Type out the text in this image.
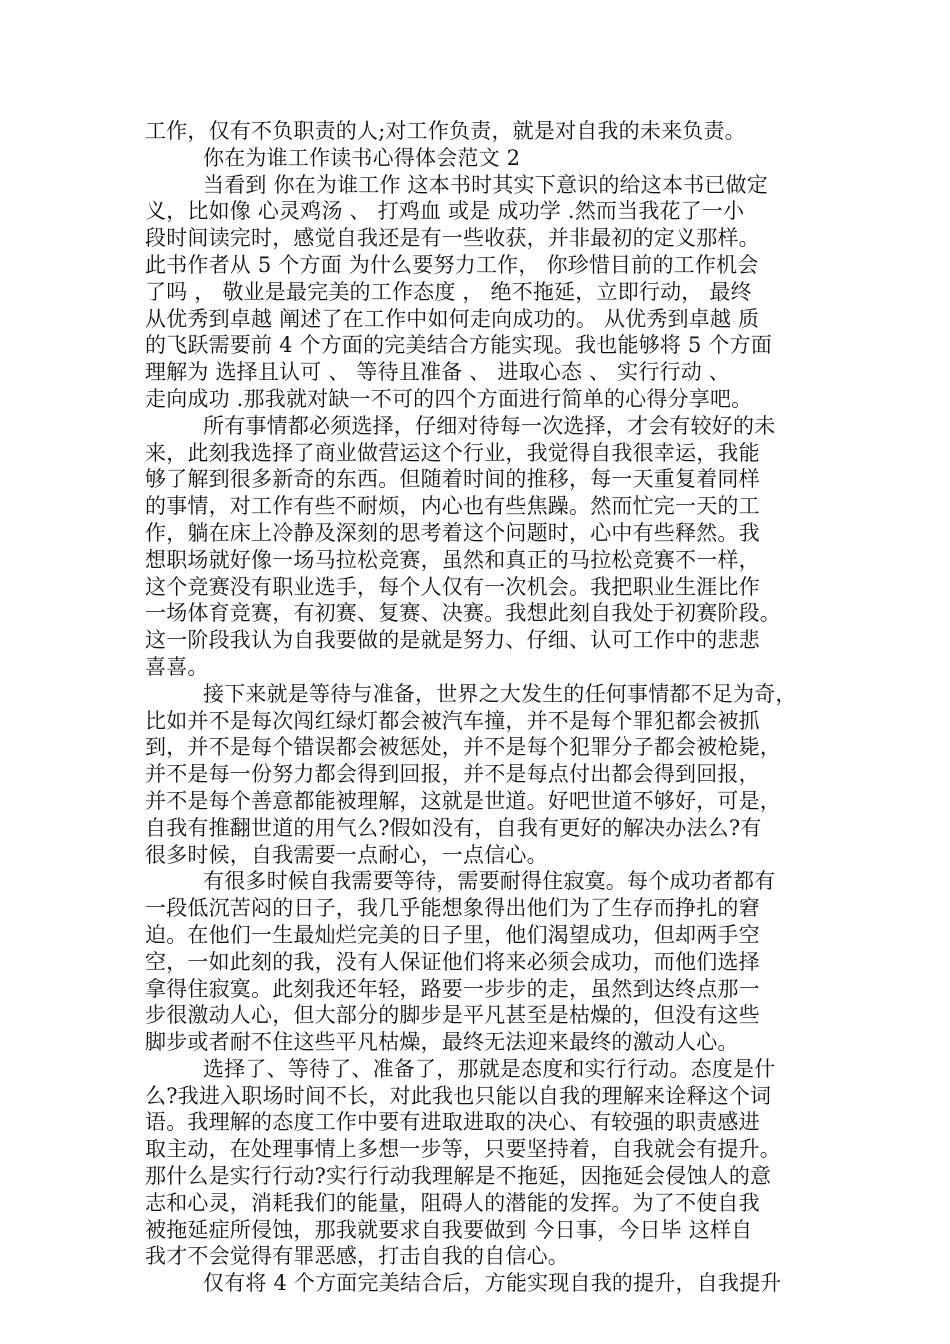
工作，仅有不负职责的人;对工作负责，就是对自我的未来负责。
你在为谁工作读书心得体会范文 2
当看到 你在为谁工作 这本书时其实下意识的给这本书已做定
义，比如像 心灵鸡汤 、 打鸡血 或是 成功学 .然而当我花了一小
段时间读完时，感觉自我还是有一些收获，并非最初的定义那样。
此书作者从 5 个方面 为什么要努力工作， 你珍惜目前的工作机会
了吗 ， 敬业是最完美的工作态度 ， 绝不拖延，立即行动， 最终
从优秀到卓越 阐述了在工作中如何走向成功的。 从优秀到卓越 质
的飞跃需要前 4 个方面的完美结合方能实现。我也能够将 5 个方面
理解为 选择且认可 、 等待且准备 、 进取心态 、 实行行动 、
走向成功 .那我就对缺一不可的四个方面进行简单的心得分享吧。
所有事情都必须选择，仔细对待每一次选择，才会有较好的未
来，此刻我选择了商业做营运这个行业，我觉得自我很幸运，我能
够了解到很多新奇的东西。但随着时间的推移，每一天重复着同样
的事情，对工作有些不耐烦，内心也有些焦躁。然而忙完一天的工
作，躺在床上冷静及深刻的思考着这个问题时，心中有些释然。我
想职场就好像一场马拉松竞赛，虽然和真正的马拉松竞赛不一样，
这个竞赛没有职业选手，每个人仅有一次机会。我把职业生涯比作
一场体育竞赛，有初赛、复赛、决赛。我想此刻自我处于初赛阶段。
这一阶段我认为自我要做的是就是努力、仔细、认可工作中的悲悲
喜喜。
接下来就是等待与准备，世界之大发生的任何事情都不足为奇，
比如并不是每次闯红绿灯都会被汽车撞，并不是每个罪犯都会被抓
到，并不是每个错误都会被惩处，并不是每个犯罪分子都会被枪毙，
并不是每一份努力都会得到回报，并不是每点付出都会得到回报，
并不是每个善意都能被理解，这就是世道。好吧世道不够好，可是，
自我有推翻世道的用气么?假如没有，自我有更好的解决办法么?有
很多时候，自我需要一点耐心，一点信心。
有很多时候自我需要等待，需要耐得住寂寞。每个成功者都有
一段低沉苦闷的日子，我几乎能想象得出他们为了生存而挣扎的窘
迫。在他们一生最灿烂完美的日子里，他们渴望成功，但却两手空
空，一如此刻的我，没有人保证他们将来必须会成功，而他们选择
拿得住寂寞。此刻我还年轻，路要一步步的走，虽然到达终点那一
步很激动人心，但大部分的脚步是平凡甚至是枯燥的，但没有这些
脚步或者耐不住这些平凡枯燥，最终无法迎来最终的激动人心。
选择了、等待了、准备了，那就是态度和实行行动。态度是什
么?我进入职场时间不长，对此我也只能以自我的理解来诠释这个词
语。我理解的态度工作中要有进取进取的决心、有较强的职责感进
取主动，在处理事情上多想一步等，只要坚持着，自我就会有提升。
那什么是实行行动?实行行动我理解是不拖延，因拖延会侵蚀人的意
志和心灵，消耗我们的能量，阻碍人的潜能的发挥。为了不使自我
被拖延症所侵蚀，那我就要求自我要做到 今日事，今日毕 这样自
我才不会觉得有罪恶感，打击自我的自信心。
仅有将 4 个方面完美结合后，方能实现自我的提升，自我提升
